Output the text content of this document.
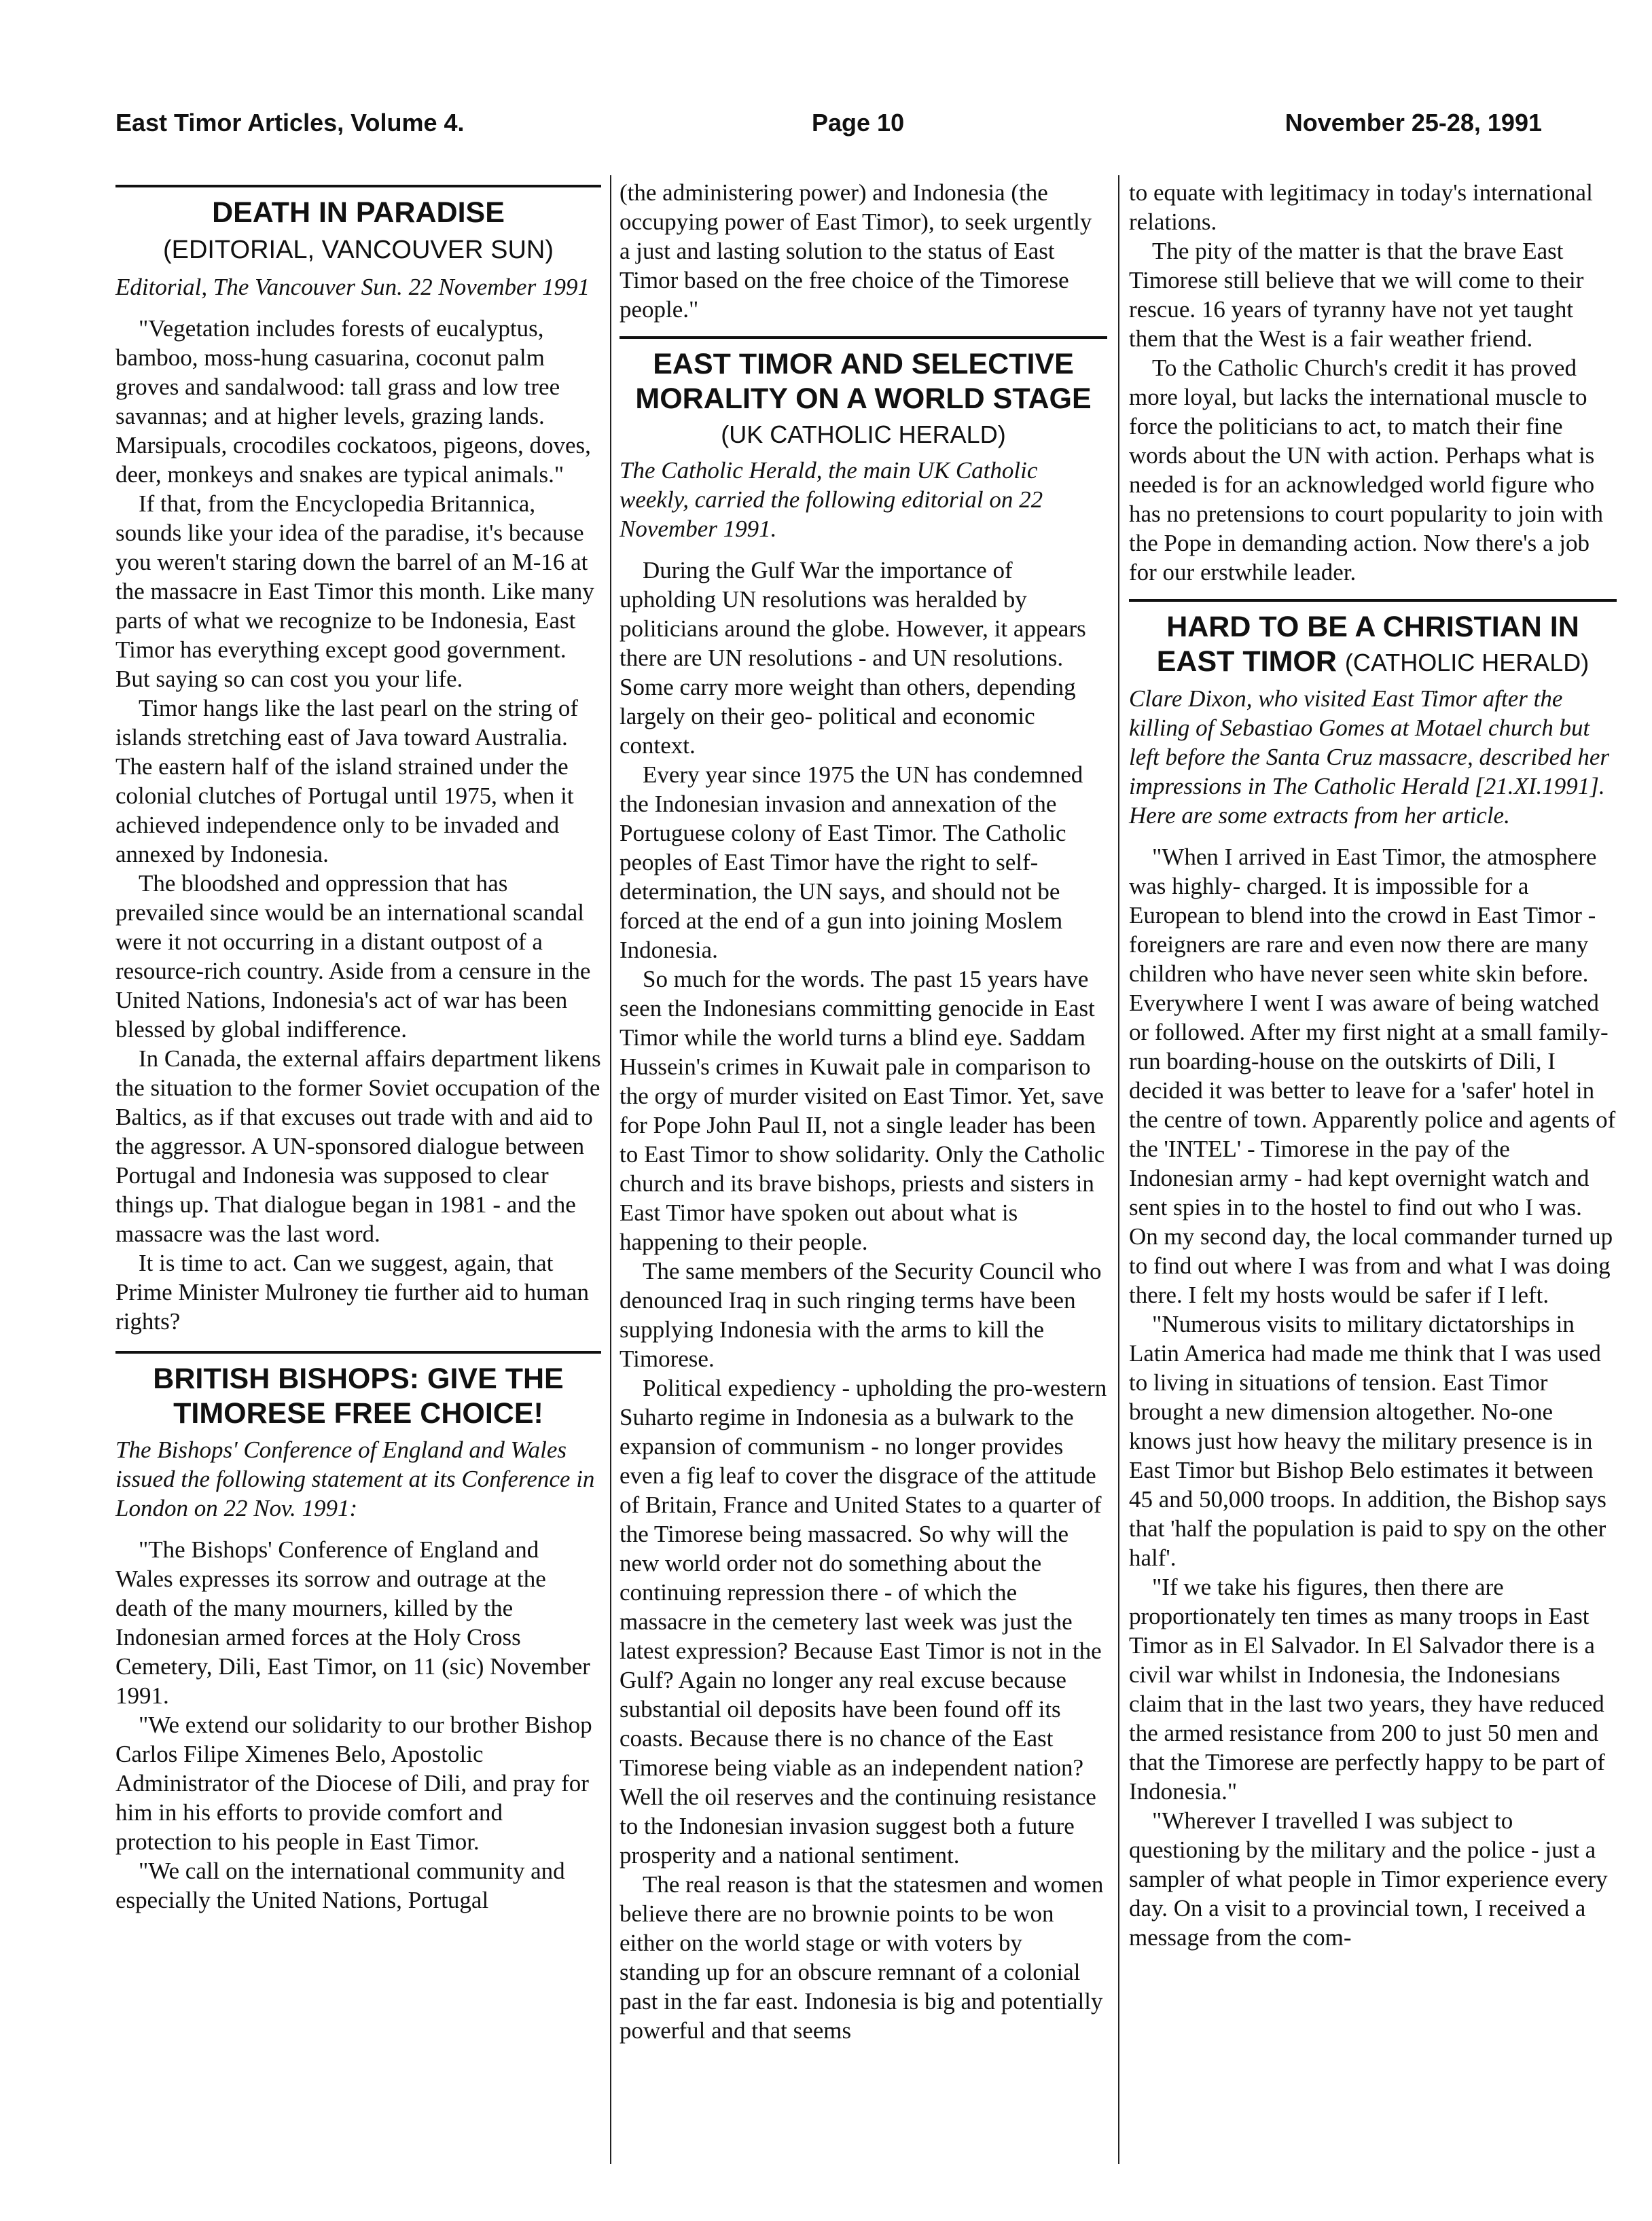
East Timor Articles, Volume 4.	Page 10	November 25-28, 1991
DEATH IN PARADISE
(EDITORIAL, VANCOUVER SUN)
Editorial, The Vancouver Sun. 22 November 1991

"Vegetation includes forests of eucalyptus, bamboo, moss-hung casuarina, coconut palm groves and sandalwood: tall grass and low tree savannas; and at higher levels, grazing lands. Marsipuals, crocodiles cockatoos, pigeons, doves, deer, monkeys and snakes are typical animals."

If that, from the Encyclopedia Britannica, sounds like your idea of the paradise, it's because you weren't staring down the barrel of an M-16 at the massacre in East Timor this month. Like many parts of what we recognize to be Indonesia, East Timor has everything except good government. But saying so can cost you your life.

Timor hangs like the last pearl on the string of islands stretching east of Java toward Australia. The eastern half of the island strained under the colonial clutches of Portugal until 1975, when it achieved independence only to be invaded and annexed by Indonesia.

The bloodshed and oppression that has prevailed since would be an international scandal were it not occurring in a distant outpost of a resource-rich country. Aside from a censure in the United Nations, Indonesia's act of war has been blessed by global indifference.

In Canada, the external affairs department likens the situation to the former Soviet occupation of the Baltics, as if that excuses out trade with and aid to the aggressor. A UN-sponsored dialogue between Portugal and Indonesia was supposed to clear things up. That dialogue began in 1981 - and the massacre was the last word.

It is time to act. Can we suggest, again, that Prime Minister Mulroney tie further aid to human rights?

BRITISH BISHOPS: GIVE THE TIMORESE FREE CHOICE!
The Bishops' Conference of England and Wales issued the following statement at its Conference in London on 22 Nov. 1991:

"The Bishops' Conference of England and Wales expresses its sorrow and outrage at the death of the many mourners, killed by the Indonesian armed forces at the Holy Cross Cemetery, Dili, East Timor, on 11 (sic) November 1991.

"We extend our solidarity to our brother Bishop Carlos Filipe Ximenes Belo, Apostolic Administrator of the Diocese of Dili, and pray for him in his efforts to provide comfort and protection to his people in East Timor.

"We call on the international community and especially the United Nations, Portugal

(the administering power) and Indonesia (the occupying power of East Timor), to seek urgently a just and lasting solution to the status of East Timor based on the free choice of the Timorese people."

EAST TIMOR AND SELECTIVE MORALITY ON A WORLD STAGE (UK CATHOLIC HERALD)
The Catholic Herald, the main UK Catholic weekly, carried the following editorial on 22 November 1991.

During the Gulf War the importance of upholding UN resolutions was heralded by politicians around the globe. However, it appears there are UN resolutions - and UN resolutions. Some carry more weight than others, depending largely on their geo- political and economic context.

Every year since 1975 the UN has condemned the Indonesian invasion and annexation of the Portuguese colony of East Timor. The Catholic peoples of East Timor have the right to self-determination, the UN says, and should not be forced at the end of a gun into joining Moslem Indonesia.

So much for the words. The past 15 years have seen the Indonesians committing genocide in East Timor while the world turns a blind eye. Saddam Hussein's crimes in Kuwait pale in comparison to the orgy of murder visited on East Timor. Yet, save for Pope John Paul II, not a single leader has been to East Timor to show solidarity. Only the Catholic church and its brave bishops, priests and sisters in East Timor have spoken out about what is happening to their people.

The same members of the Security Council who denounced Iraq in such ringing terms have been supplying Indonesia with the arms to kill the Timorese.

Political expediency - upholding the pro-western Suharto regime in Indonesia as a bulwark to the expansion of communism - no longer provides even a fig leaf to cover the disgrace of the attitude of Britain, France and United States to a quarter of the Timorese being massacred. So why will the new world order not do something about the continuing repression there - of which the massacre in the cemetery last week was just the latest expression? Because East Timor is not in the Gulf? Again no longer any real excuse because substantial oil deposits have been found off its coasts. Because there is no chance of the East Timorese being viable as an independent nation? Well the oil reserves and the continuing resistance to the Indonesian invasion suggest both a future prosperity and a national sentiment.

The real reason is that the statesmen and women believe there are no brownie points to be won either on the world stage or with voters by standing up for an obscure remnant of a colonial past in the far east. Indonesia is big and potentially powerful and that seems

to equate with legitimacy in today's international relations.

The pity of the matter is that the brave East Timorese still believe that we will come to their rescue. 16 years of tyranny have not yet taught them that the West is a fair weather friend.

To the Catholic Church's credit it has proved more loyal, but lacks the international muscle to force the politicians to act, to match their fine words about the UN with action. Perhaps what is needed is for an acknowledged world figure who has no pretensions to court popularity to join with the Pope in demanding action. Now there's a job for our erstwhile leader.

HARD TO BE A CHRISTIAN IN EAST TIMOR (CATHOLIC HERALD)
Clare Dixon, who visited East Timor after the killing of Sebastiao Gomes at Motael church but left before the Santa Cruz massacre, described her impressions in The Catholic Herald [21.XI.1991]. Here are some extracts from her article.

"When I arrived in East Timor, the atmosphere was highly- charged. It is impossible for a European to blend into the crowd in East Timor - foreigners are rare and even now there are many children who have never seen white skin before. Everywhere I went I was aware of being watched or followed. After my first night at a small family-run boarding-house on the outskirts of Dili, I decided it was better to leave for a 'safer' hotel in the centre of town. Apparently police and agents of the 'INTEL' - Timorese in the pay of the Indonesian army - had kept overnight watch and sent spies in to the hostel to find out who I was. On my second day, the local commander turned up to find out where I was from and what I was doing there. I felt my hosts would be safer if I left.

"Numerous visits to military dictatorships in Latin America had made me think that I was used to living in situations of tension. East Timor brought a new dimension altogether. No-one knows just how heavy the military presence is in East Timor but Bishop Belo estimates it between 45 and 50,000 troops. In addition, the Bishop says that 'half the population is paid to spy on the other half'.

"If we take his figures, then there are proportionately ten times as many troops in East Timor as in El Salvador. In El Salvador there is a civil war whilst in Indonesia, the Indonesians claim that in the last two years, they have reduced the armed resistance from 200 to just 50 men and that the Timorese are perfectly happy to be part of Indonesia."

"Wherever I travelled I was subject to questioning by the military and the police - just a sampler of what people in Timor experience every day. On a visit to a provincial town, I received a message from the com-
